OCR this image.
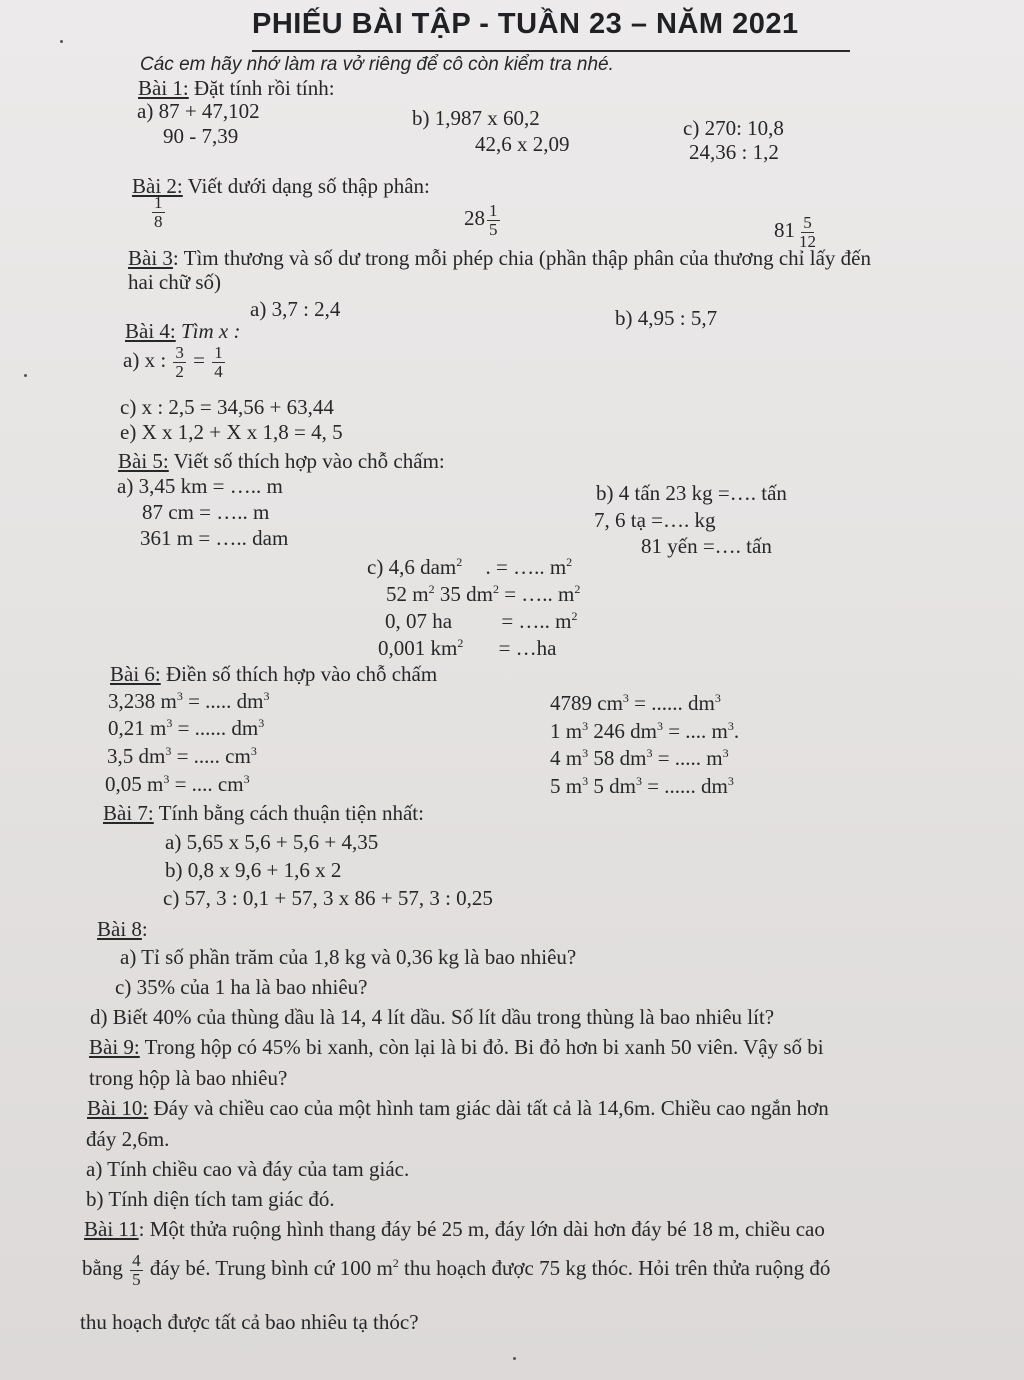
PHIẾU BÀI TẬP - TUẦN 23 – NĂM 2021
Các em hãy nhớ làm ra vở riêng để cô còn kiểm tra nhé.
Bài 1: Đặt tính rồi tính:
a) 87 + 47,102
90 - 7,39
b) 1,987 x 60,2
42,6 x 2,09
c) 270: 10,8
24,36 : 1,2
Bài 2: Viết dưới dạng số thập phân:
$\frac{1}{8}$	$28 \frac{1}{5}$	$81 \frac{5}{12}$
Bài 3: Tìm thương và số dư trong mỗi phép chia (phần thập phân của thương chỉ lấy đến
hai chữ số)
a) 3,7 : 2,4	b) 4,95 : 5,7
Bài 4: Tìm x :
a) x : $\frac{3}{2} = \frac{1}{4}$
c) x : 2,5 = 34,56 + 63,44
e) X x 1,2 + X x 1,8 = 4, 5
Bài 5: Viết số thích hợp vào chỗ chấm:
a) 3,45 km = ….. m
87 cm = ….. m
361 m = ….. dam
b) 4 tấn 23 kg =…. tấn
7, 6 tạ =…. kg
81 yến =…. tấn
c) 4,6 dam$^2$ . = ….. $m^2$
52 $m^2$ 35 $dm^2$ = ….. $m^2$
0, 07 ha = ….. $m^2$
0,001 $km^2$ = …ha
Bài 6: Điền số thích hợp vào chỗ chấm
3,238 $m^3$ = ..... $dm^3$
0,21 $m^3$ = ...... $dm^3$
3,5 $dm^3$ = ..... $cm^3$
0,05 $m^3$ = .... $cm^3$
4789 $cm^3$ = ...... $dm^3$
1 $m^3$ 246 $dm^3$ = .... $m^3$.
4 $m^3$ 58 $dm^3$ = ..... $m^3$
5 $m^3$ 5 $dm^3$ = ...... $dm^3$
Bài 7: Tính bằng cách thuận tiện nhất:
a) 5,65 x 5,6 + 5,6 + 4,35
b) 0,8 x 9,6 + 1,6 x 2
c) 57, 3 : 0,1 + 57, 3 x 86 + 57, 3 : 0,25
Bài 8:
a) Tỉ số phần trăm của 1,8 kg và 0,36 kg là bao nhiêu?
c) 35% của 1 ha là bao nhiêu?
d) Biết 40% của thùng dầu là 14, 4 lít dầu. Số lít dầu trong thùng là bao nhiêu lít?
Bài 9: Trong hộp có 45% bi xanh, còn lại là bi đỏ. Bi đỏ hơn bi xanh 50 viên. Vậy số bi
trong hộp là bao nhiêu?
Bài 10: Đáy và chiều cao của một hình tam giác dài tất cả là 14,6m. Chiều cao ngắn hơn
đáy 2,6m.
a) Tính chiều cao và đáy của tam giác.
b) Tính diện tích tam giác đó.
Bài 11: Một thửa ruộng hình thang đáy bé 25 m, đáy lớn dài hơn đáy bé 18 m, chiều cao
bằng $\frac{4}{5}$ đáy bé. Trung bình cứ 100 $m^2$ thu hoạch được 75 kg thóc. Hỏi trên thửa ruộng đó
thu hoạch được tất cả bao nhiêu tạ thóc?
